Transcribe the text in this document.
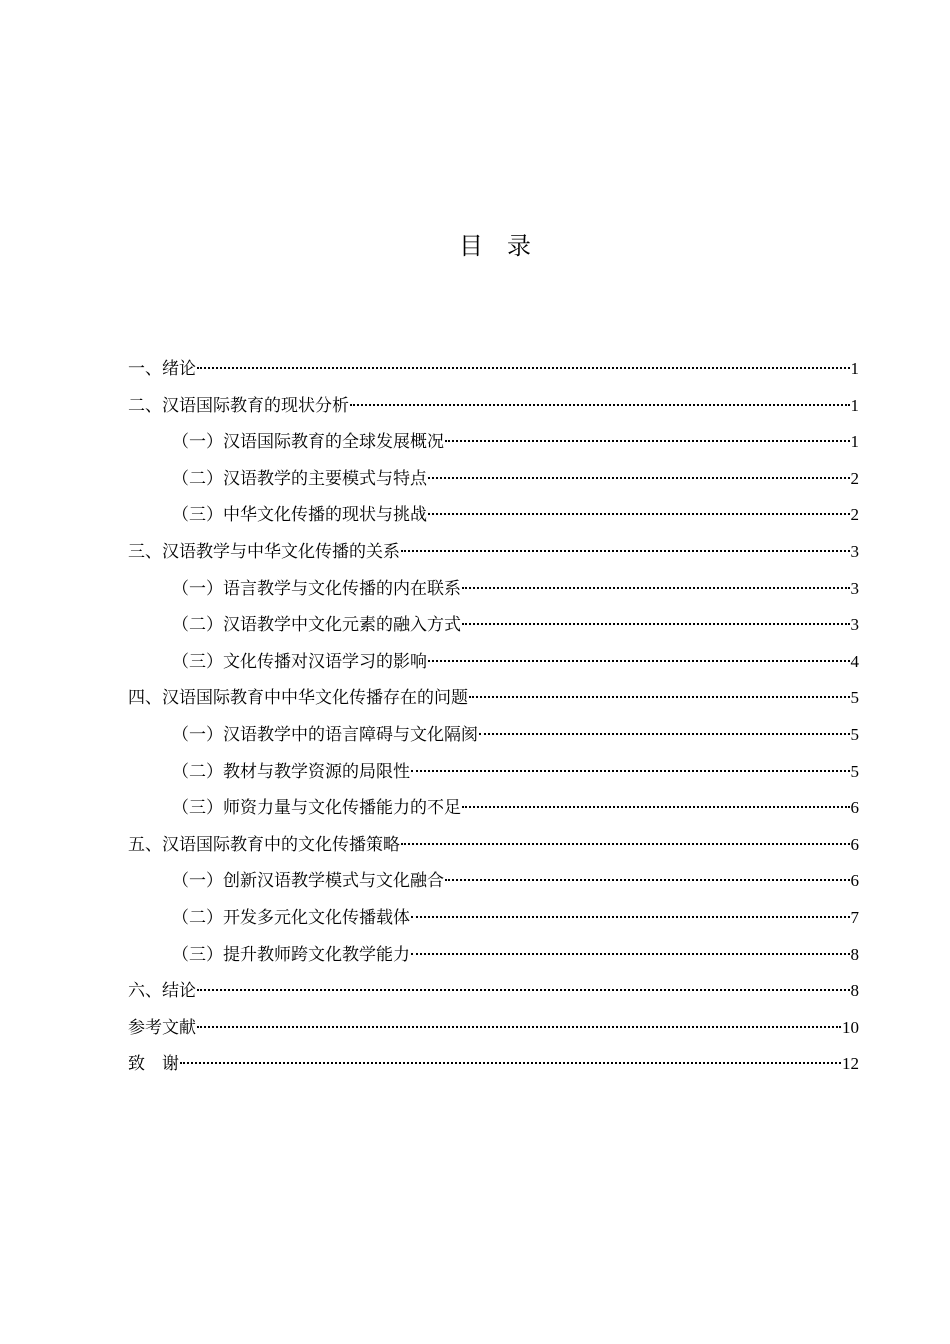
目　录
一、绪论	1
二、汉语国际教育的现状分析	1
（一）汉语国际教育的全球发展概况	1
（二）汉语教学的主要模式与特点	2
（三）中华文化传播的现状与挑战	2
三、汉语教学与中华文化传播的关系	3
（一）语言教学与文化传播的内在联系	3
（二）汉语教学中文化元素的融入方式	3
（三）文化传播对汉语学习的影响	4
四、汉语国际教育中中华文化传播存在的问题	5
（一）汉语教学中的语言障碍与文化隔阂	5
（二）教材与教学资源的局限性	5
（三）师资力量与文化传播能力的不足	6
五、汉语国际教育中的文化传播策略	6
（一）创新汉语教学模式与文化融合	6
（二）开发多元化文化传播载体	7
（三）提升教师跨文化教学能力	8
六、结论	8
参考文献	10
致　谢	12
